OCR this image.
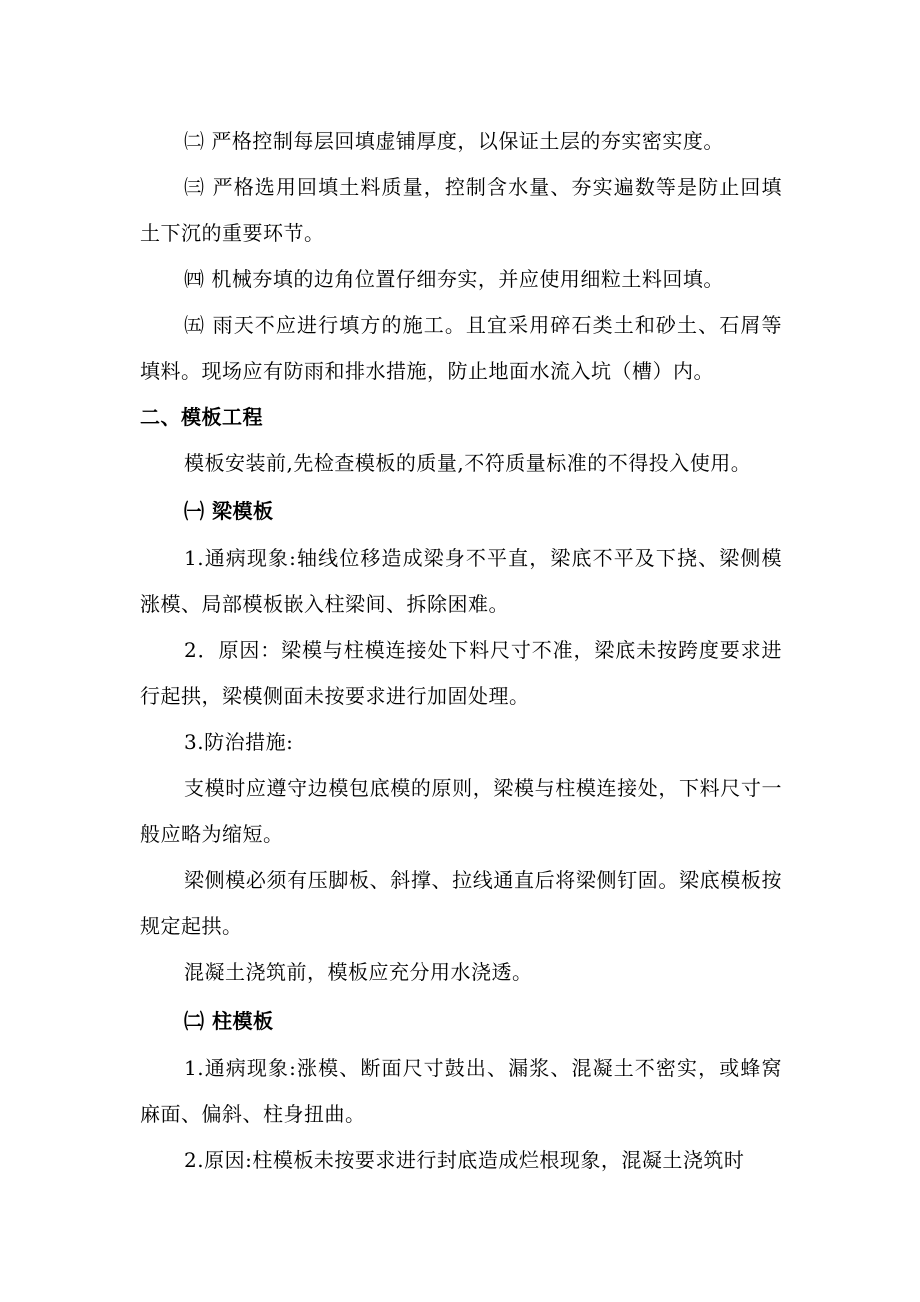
㈡ 严格控制每层回填虚铺厚度，以保证土层的夯实密实度。

㈢ 严格选用回填土料质量，控制含水量、夯实遍数等是防止回填土下沉的重要环节。

㈣ 机械夯填的边角位置仔细夯实，并应使用细粒土料回填。

㈤ 雨天不应进行填方的施工。且宜采用碎石类土和砂土、石屑等填料。现场应有防雨和排水措施，防止地面水流入坑（槽）内。

二、模板工程

模板安装前,先检查模板的质量,不符质量标准的不得投入使用。

㈠ 梁模板

1.通病现象:轴线位移造成梁身不平直，梁底不平及下挠、梁侧模涨模、局部模板嵌入柱梁间、拆除困难。

2．原因：梁模与柱模连接处下料尺寸不准，梁底未按跨度要求进行起拱，梁模侧面未按要求进行加固处理。

3.防治措施:

支模时应遵守边模包底模的原则，梁模与柱模连接处，下料尺寸一般应略为缩短。

梁侧模必须有压脚板、斜撑、拉线通直后将梁侧钉固。梁底模板按规定起拱。

混凝土浇筑前，模板应充分用水浇透。

㈡ 柱模板

1.通病现象:涨模、断面尺寸鼓出、漏浆、混凝土不密实，或蜂窝麻面、偏斜、柱身扭曲。

2.原因:柱模板未按要求进行封底造成烂根现象，混凝土浇筑时
